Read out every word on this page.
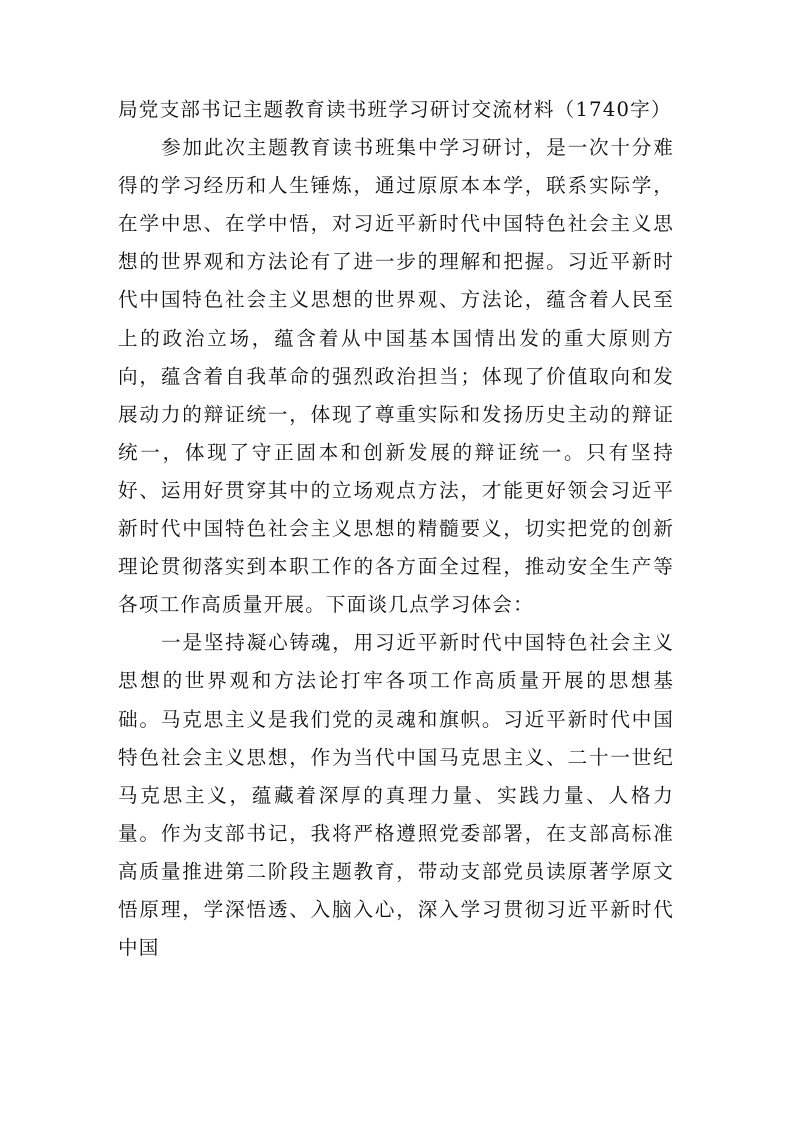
局党支部书记主题教育读书班学习研讨交流材料（1740字）

参加此次主题教育读书班集中学习研讨，是一次十分难得的学习经历和人生锤炼，通过原原本本学，联系实际学，在学中思、在学中悟，对习近平新时代中国特色社会主义思想的世界观和方法论有了进一步的理解和把握。习近平新时代中国特色社会主义思想的世界观、方法论，蕴含着人民至上的政治立场，蕴含着从中国基本国情出发的重大原则方向，蕴含着自我革命的强烈政治担当；体现了价值取向和发展动力的辩证统一，体现了尊重实际和发扬历史主动的辩证统一，体现了守正固本和创新发展的辩证统一。只有坚持好、运用好贯穿其中的立场观点方法，才能更好领会习近平新时代中国特色社会主义思想的精髓要义，切实把党的创新理论贯彻落实到本职工作的各方面全过程，推动安全生产等各项工作高质量开展。下面谈几点学习体会：

一是坚持凝心铸魂，用习近平新时代中国特色社会主义思想的世界观和方法论打牢各项工作高质量开展的思想基础。马克思主义是我们党的灵魂和旗帜。习近平新时代中国特色社会主义思想，作为当代中国马克思主义、二十一世纪马克思主义，蕴藏着深厚的真理力量、实践力量、人格力量。作为支部书记，我将严格遵照党委部署，在支部高标准高质量推进第二阶段主题教育，带动支部党员读原著学原文悟原理，学深悟透、入脑入心，深入学习贯彻习近平新时代中国
